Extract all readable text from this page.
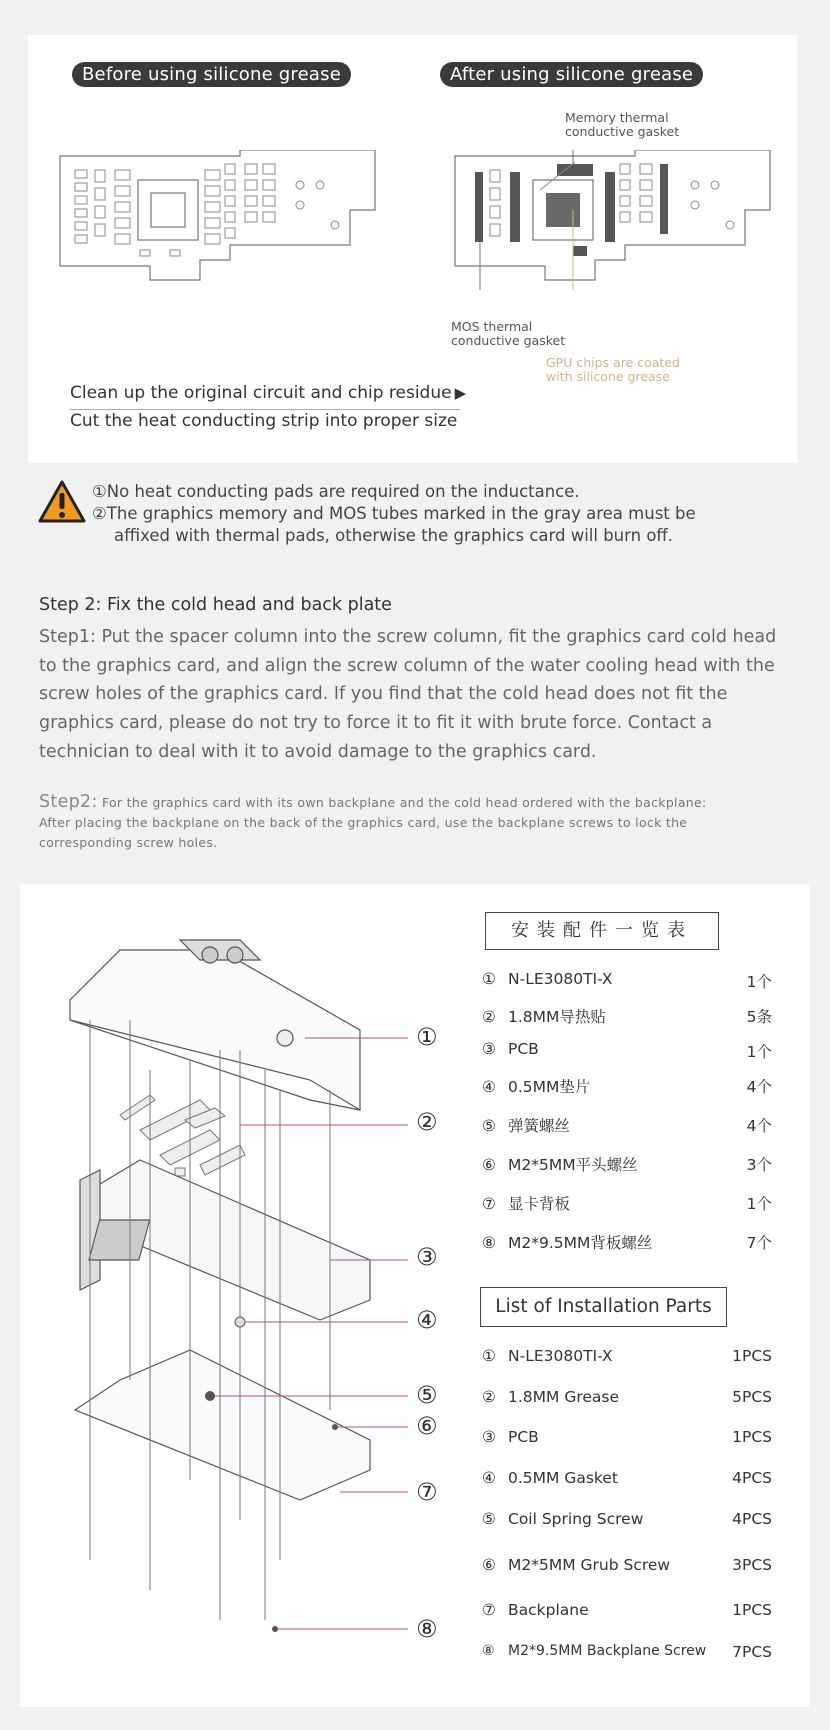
Before using silicone grease	After using silicone grease
Memory thermal
conductive gasket
MOS thermal
conductive gasket
GPU chips are coated
with silicone grease
Clean up the original circuit and chip residue ▶
Cut the heat conducting strip into proper size
①No heat conducting pads are required on the inductance.
②The graphics memory and MOS tubes marked in the gray area must be
affixed with thermal pads, otherwise the graphics card will burn off.
Step 2: Fix the cold head and back plate
Step1: Put the spacer column into the screw column, fit the graphics card cold head to the graphics card, and align the screw column of the water cooling head with the screw holes of the graphics card. If you find that the cold head does not fit the graphics card, please do not try to force it to fit it with brute force. Contact a technician to deal with it to avoid damage to the graphics card.
Step2: For the graphics card with its own backplane and the cold head ordered with the backplane:
After placing the backplane on the back of the graphics card, use the backplane screws to lock the
corresponding screw holes.
①
②
③
④
⑤
⑥
⑦
⑧
安装配件一览表
① N-LE3080TI-X	1个
② 1.8MM导热贴	5条
③ PCB	1个
④ 0.5MM垫片	4个
⑤ 弹簧螺丝	4个
⑥ M2*5MM平头螺丝	3个
⑦ 显卡背板	1个
⑧ M2*9.5MM背板螺丝	7个
List of Installation Parts
① N-LE3080TI-X	1PCS
② 1.8MM Grease	5PCS
③ PCB	1PCS
④ 0.5MM Gasket	4PCS
⑤ Coil Spring Screw	4PCS
⑥ M2*5MM Grub Screw	3PCS
⑦ Backplane	1PCS
⑧ M2*9.5MM Backplane Screw 7PCS
